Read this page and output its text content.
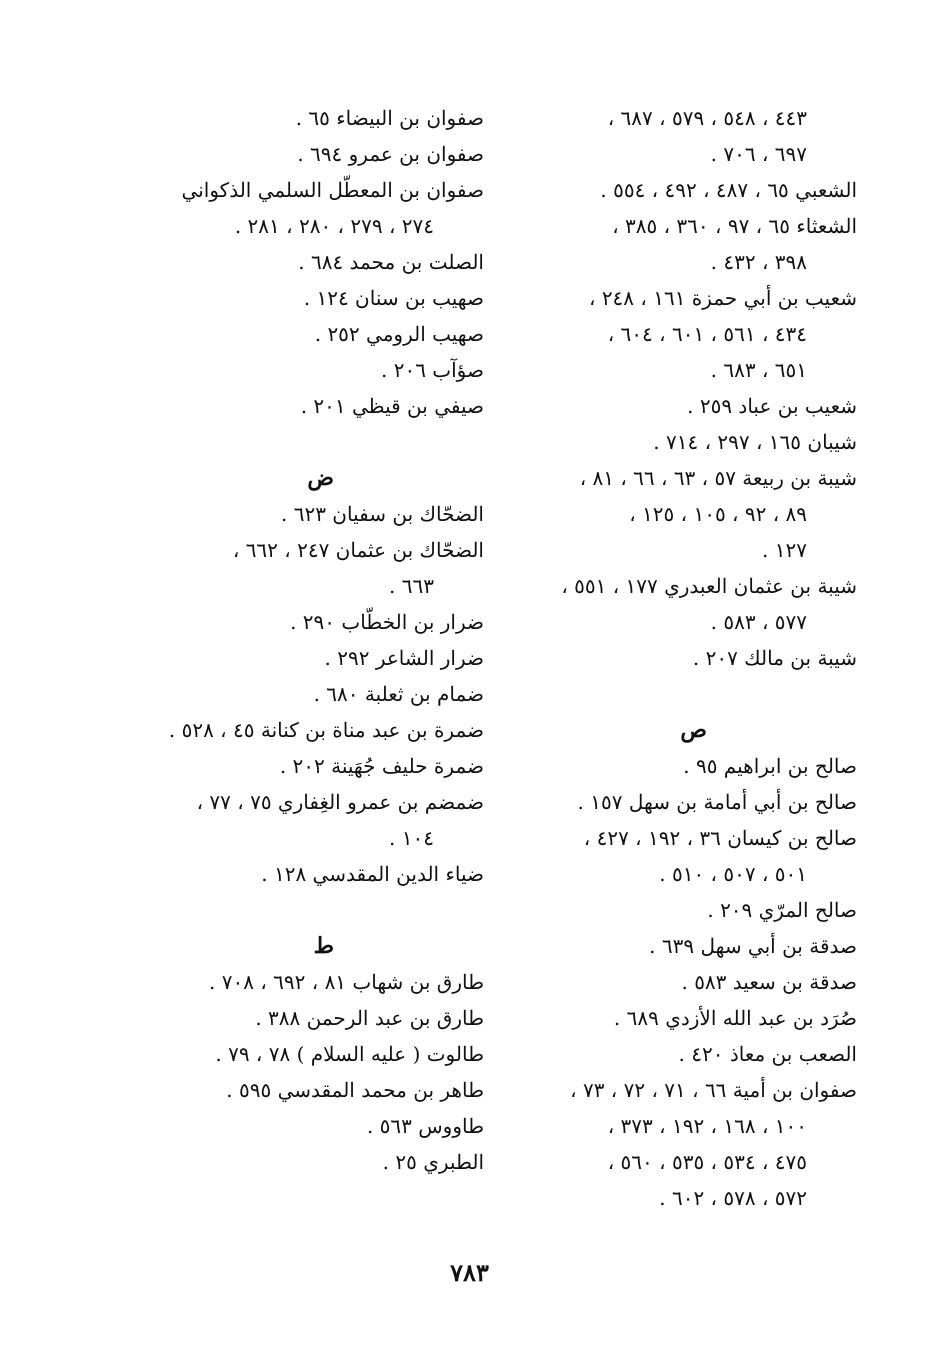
٤٤٣ ، ٥٤٨ ، ٥٧٩ ، ٦٨٧ ،
٦٩٧ ، ٧٠٦ .
الشعبي ٦٥ ، ٤٨٧ ، ٤٩٢ ، ٥٥٤ .
الشعثاء ٦٥ ، ٩٧ ، ٣٦٠ ، ٣٨٥ ،
٣٩٨ ، ٤٣٢ .
شعيب بن أبي حمزة ١٦١ ، ٢٤٨ ،
٤٣٤ ، ٥٦١ ، ٦٠١ ، ٦٠٤ ،
٦٥١ ، ٦٨٣ .
شعيب بن عباد ٢٥٩ .
شيبان ١٦٥ ، ٢٩٧ ، ٧١٤ .
شيبة بن ربيعة ٥٧ ، ٦٣ ، ٦٦ ، ٨١ ،
٨٩ ، ٩٢ ، ١٠٥ ، ١٢٥ ،
١٢٧ .
شيبة بن عثمان العبدري ١٧٧ ، ٥٥١ ،
٥٧٧ ، ٥٨٣ .
شيبة بن مالك ٢٠٧ .
ص
صالح بن ابراهيم ٩٥ .
صالح بن أبي أمامة بن سهل ١٥٧ .
صالح بن كيسان ٣٦ ، ١٩٢ ، ٤٢٧ ،
٥٠١ ، ٥٠٧ ، ٥١٠ .
صالح المرّي ٢٠٩ .
صدقة بن أبي سهل ٦٣٩ .
صدقة بن سعيد ٥٨٣ .
صُرَد بن عبد الله الأزدي ٦٨٩ .
الصعب بن معاذ ٤٢٠ .
صفوان بن أمية ٦٦ ، ٧١ ، ٧٢ ، ٧٣ ،
١٠٠ ، ١٦٨ ، ١٩٢ ، ٣٧٣ ،
٤٧٥ ، ٥٣٤ ، ٥٣٥ ، ٥٦٠ ،
٥٧٢ ، ٥٧٨ ، ٦٠٢ .
صفوان بن البيضاء ٦٥ .
صفوان بن عمرو ٦٩٤ .
صفوان بن المعطّل السلمي الذكواني
٢٧٤ ، ٢٧٩ ، ٢٨٠ ، ٢٨١ .
الصلت بن محمد ٦٨٤ .
صهيب بن سنان ١٢٤ .
صهيب الرومي ٢٥٢ .
صؤآب ٢٠٦ .
صيفي بن قيظي ٢٠١ .
ض
الضحّاك بن سفيان ٦٢٣ .
الضحّاك بن عثمان ٢٤٧ ، ٦٦٢ ،
٦٦٣ .
ضرار بن الخطّاب ٢٩٠ .
ضرار الشاعر ٢٩٢ .
ضمام بن ثعلبة ٦٨٠ .
ضمرة بن عبد مناة بن كنانة ٤٥ ، ٥٢٨ .
ضمرة حليف جُهَينة ٢٠٢ .
ضمضم بن عمرو الغِفاري ٧٥ ، ٧٧ ،
١٠٤ .
ضياء الدين المقدسي ١٢٨ .
ط
طارق بن شهاب ٨١ ، ٦٩٢ ، ٧٠٨ .
طارق بن عبد الرحمن ٣٨٨ .
طالوت ( عليه السلام ) ٧٨ ، ٧٩ .
طاهر بن محمد المقدسي ٥٩٥ .
طاووس ٥٦٣ .
الطبري ٢٥ .
٧٨٣
